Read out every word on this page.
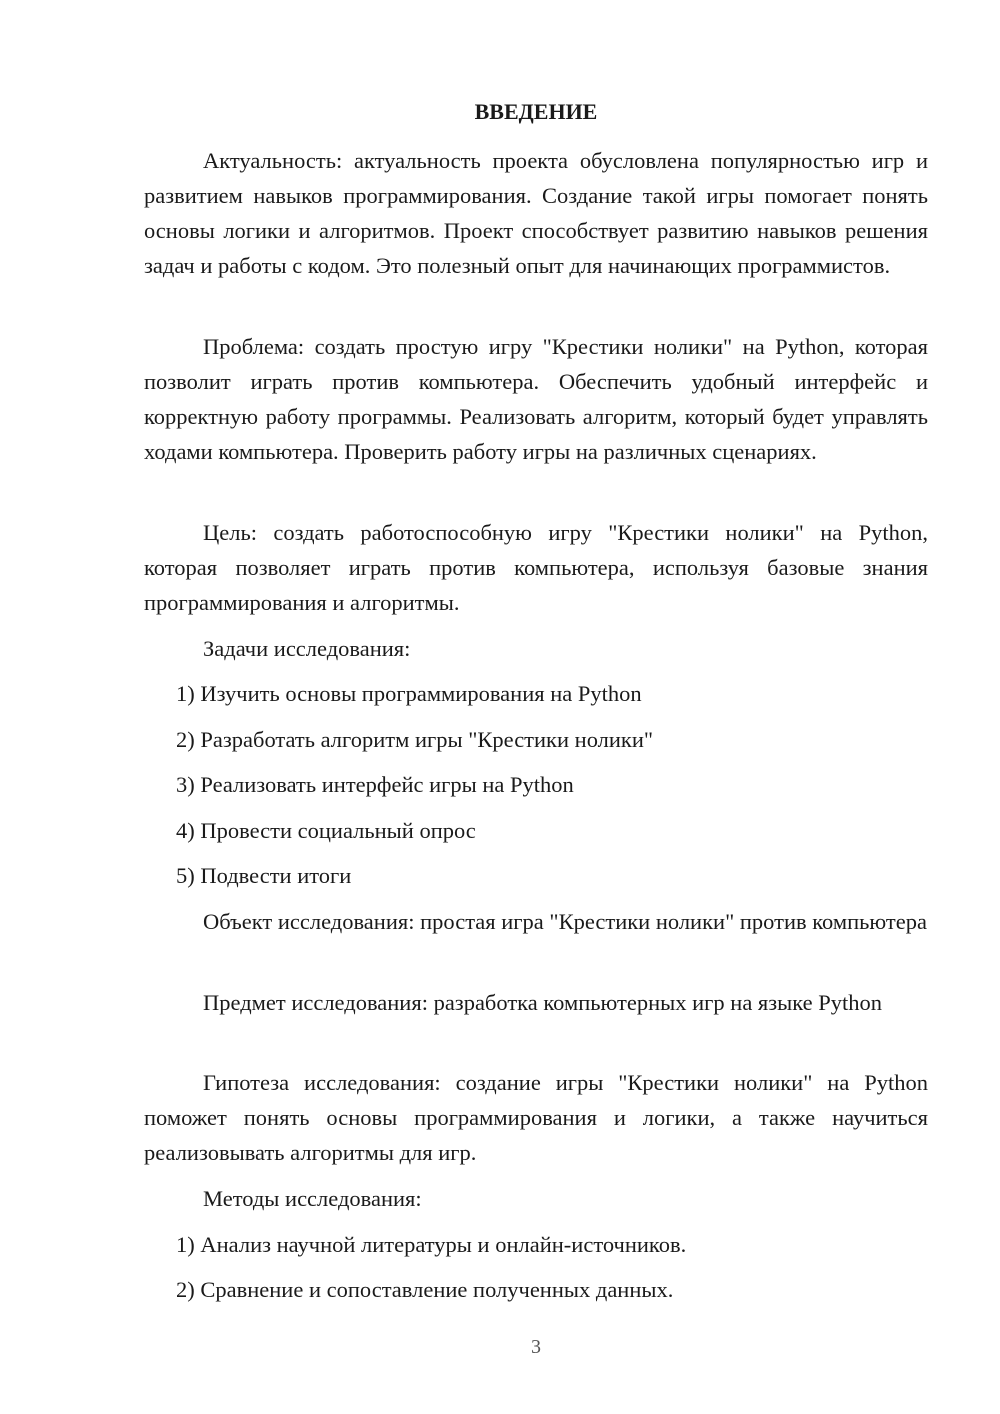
ВВЕДЕНИЕ

Актуальность: актуальность проекта обусловлена популярностью игр и развитием навыков программирования. Создание такой игры помогает понять основы логики и алгоритмов. Проект способствует развитию навыков решения задач и работы с кодом. Это полезный опыт для начинающих программистов.

Проблема: создать простую игру "Крестики нолики" на Python, которая позволит играть против компьютера. Обеспечить удобный интерфейс и корректную работу программы. Реализовать алгоритм, который будет управлять ходами компьютера. Проверить работу игры на различных сценариях.

Цель: создать работоспособную игру "Крестики нолики" на Python, которая позволяет играть против компьютера, используя базовые знания программирования и алгоритмы.

Задачи исследования:

1) Изучить основы программирования на Python

2) Разработать алгоритм игры "Крестики нолики"

3) Реализовать интерфейс игры на Python

4) Провести социальный опрос

5) Подвести итоги

Объект исследования: простая игра "Крестики нолики" против компьютера

Предмет исследования: разработка компьютерных игр на языке Python

Гипотеза исследования: создание игры "Крестики нолики" на Python поможет понять основы программирования и логики, а также научиться реализовывать алгоритмы для игр.

Методы исследования:

1) Анализ научной литературы и онлайн-источников.

2) Сравнение и сопоставление полученных данных.

3
